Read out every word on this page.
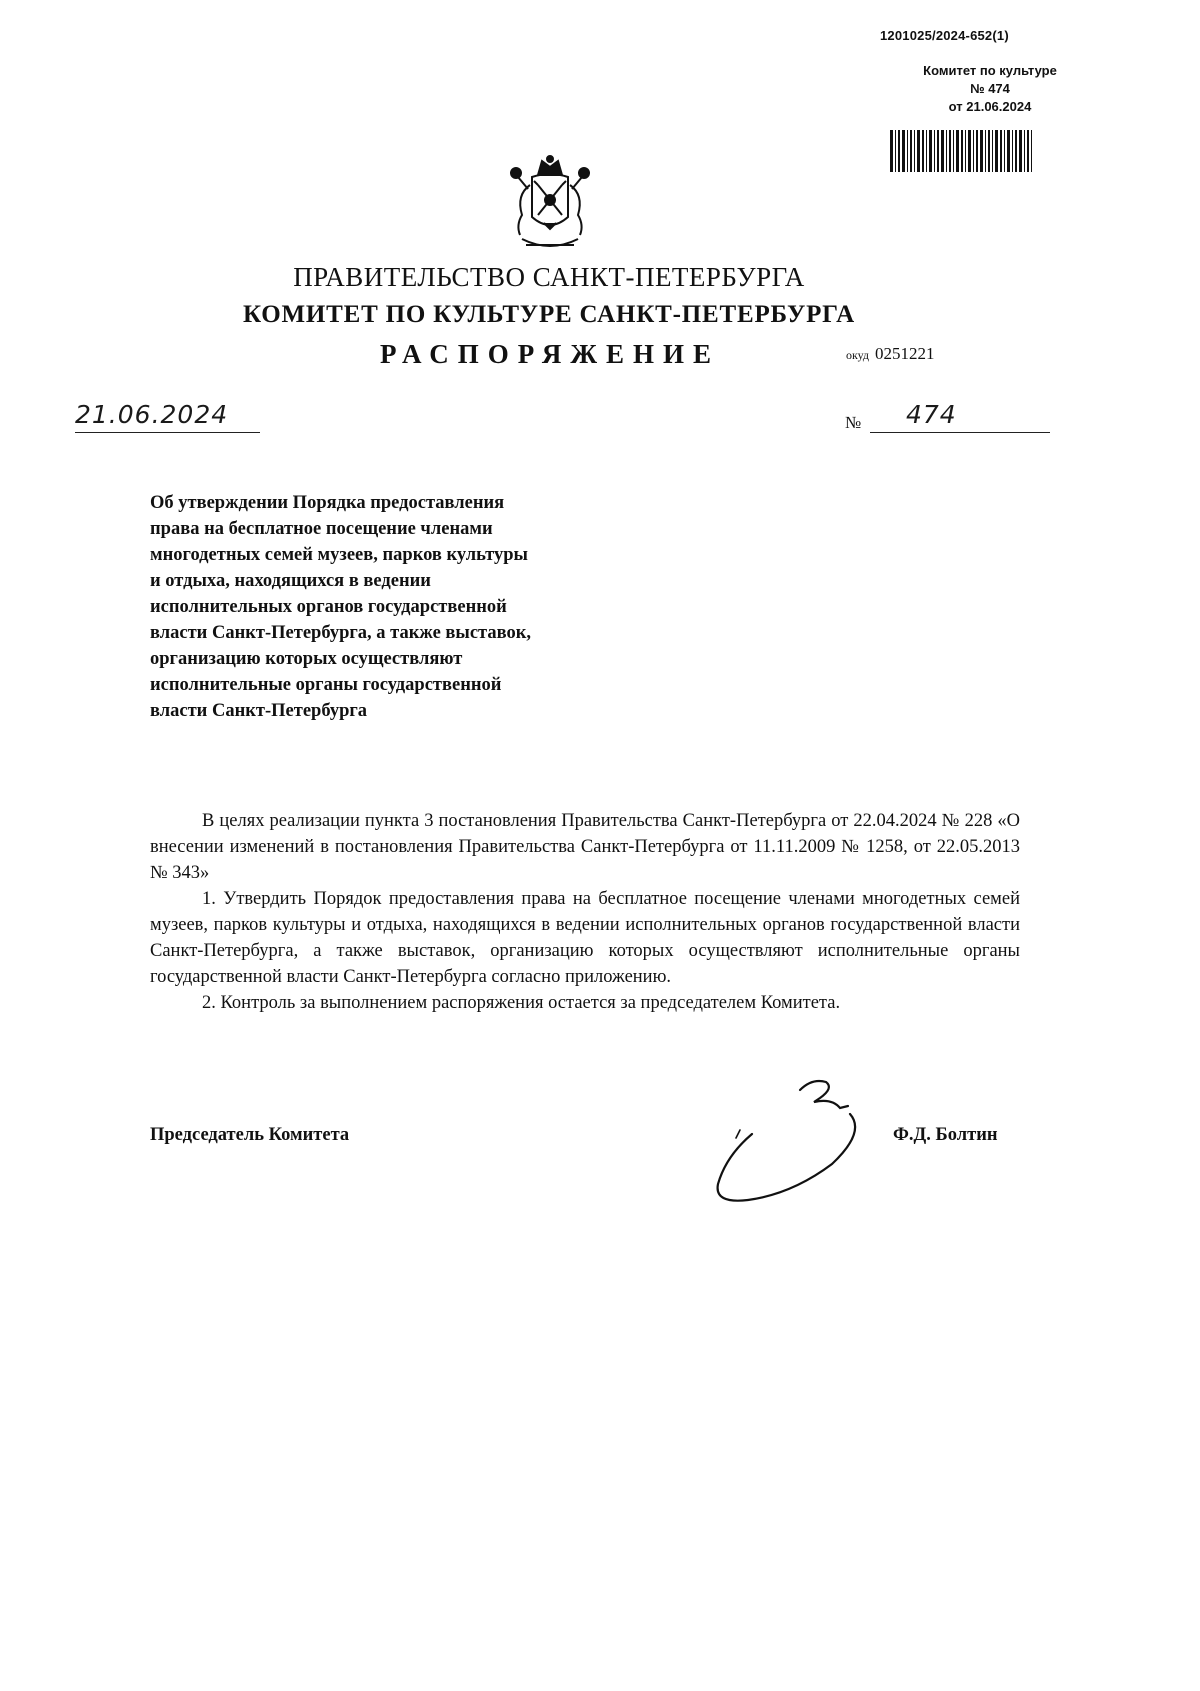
1201025/2024-652(1)
Комитет по культуре
№ 474
от 21.06.2024
ПРАВИТЕЛЬСТВО САНКТ-ПЕТЕРБУРГА
КОМИТЕТ ПО КУЛЬТУРЕ САНКТ-ПЕТЕРБУРГА
РАСПОРЯЖЕНИЕ	окуд 0251221
21.06.2024	№ 474
Об утверждении Порядка предоставления
права на бесплатное посещение членами
многодетных семей музеев, парков культуры
и отдыха, находящихся в ведении
исполнительных органов государственной
власти Санкт-Петербурга, а также выставок,
организацию которых осуществляют
исполнительные органы государственной
власти Санкт-Петербурга

В целях реализации пункта 3 постановления Правительства Санкт-Петербурга от 22.04.2024 № 228 «О внесении изменений в постановления Правительства Санкт-Петербурга от 11.11.2009 № 1258, от 22.05.2013 № 343»

1. Утвердить Порядок предоставления права на бесплатное посещение членами многодетных семей музеев, парков культуры и отдыха, находящихся в ведении исполнительных органов государственной власти Санкт-Петербурга, а также выставок, организацию которых осуществляют исполнительные органы государственной власти Санкт-Петербурга согласно приложению.

2. Контроль за выполнением распоряжения остается за председателем Комитета.

Председатель Комитета	Ф.Д. Болтин
